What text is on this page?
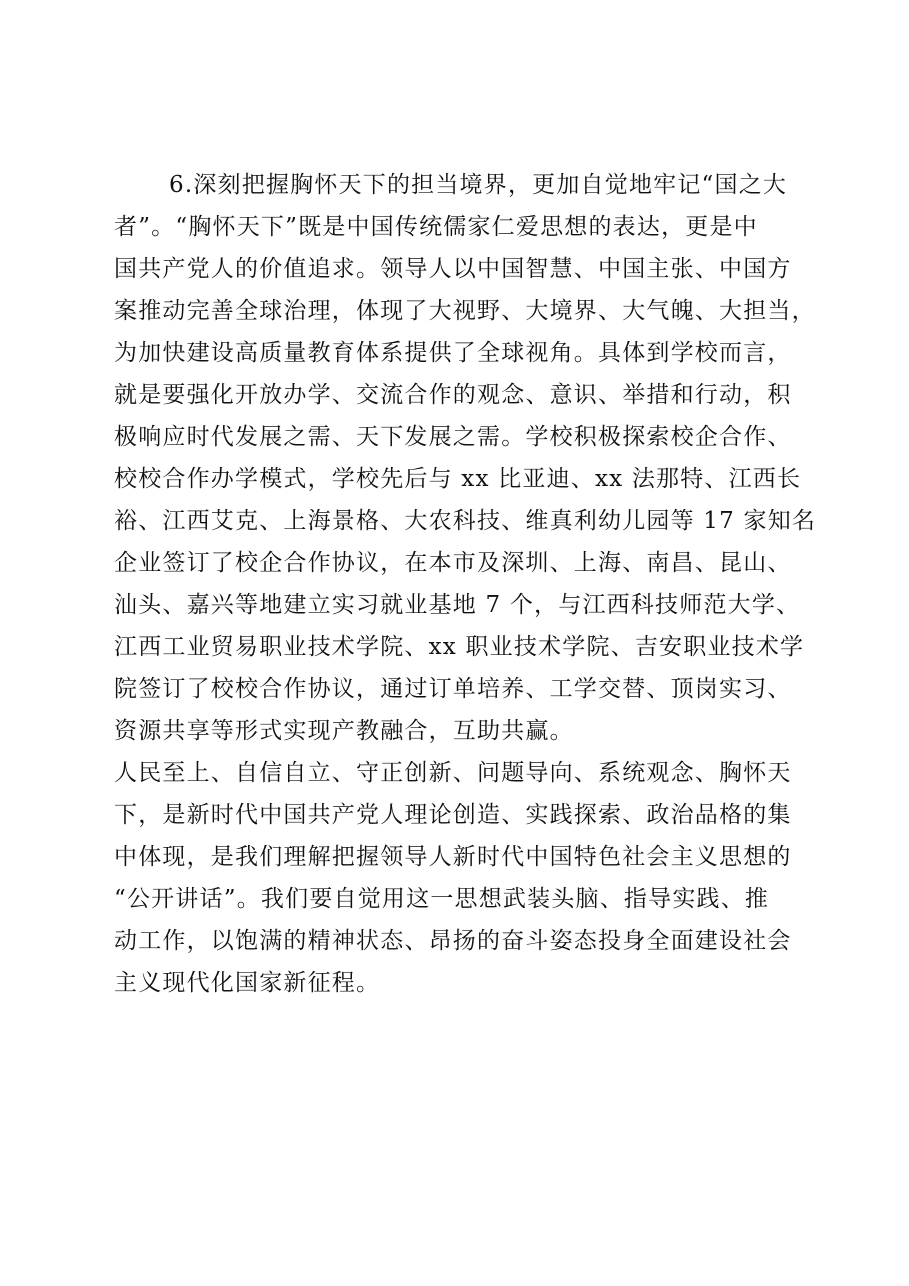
6.深刻把握胸怀天下的担当境界，更加自觉地牢记“国之大
者”。“胸怀天下”既是中国传统儒家仁爱思想的表达，更是中
国共产党人的价值追求。领导人以中国智慧、中国主张、中国方
案推动完善全球治理，体现了大视野、大境界、大气魄、大担当，
为加快建设高质量教育体系提供了全球视角。具体到学校而言，
就是要强化开放办学、交流合作的观念、意识、举措和行动，积
极响应时代发展之需、天下发展之需。学校积极探索校企合作、
校校合作办学模式，学校先后与 xx 比亚迪、xx 法那特、江西长
裕、江西艾克、上海景格、大农科技、维真利幼儿园等 17 家知名
企业签订了校企合作协议，在本市及深圳、上海、南昌、昆山、
汕头、嘉兴等地建立实习就业基地 7 个，与江西科技师范大学、
江西工业贸易职业技术学院、xx 职业技术学院、吉安职业技术学
院签订了校校合作协议，通过订单培养、工学交替、顶岗实习、
资源共享等形式实现产教融合，互助共赢。
人民至上、自信自立、守正创新、问题导向、系统观念、胸怀天
下，是新时代中国共产党人理论创造、实践探索、政治品格的集
中体现，是我们理解把握领导人新时代中国特色社会主义思想的
“公开讲话”。我们要自觉用这一思想武装头脑、指导实践、推
动工作，以饱满的精神状态、昂扬的奋斗姿态投身全面建设社会
主义现代化国家新征程。
